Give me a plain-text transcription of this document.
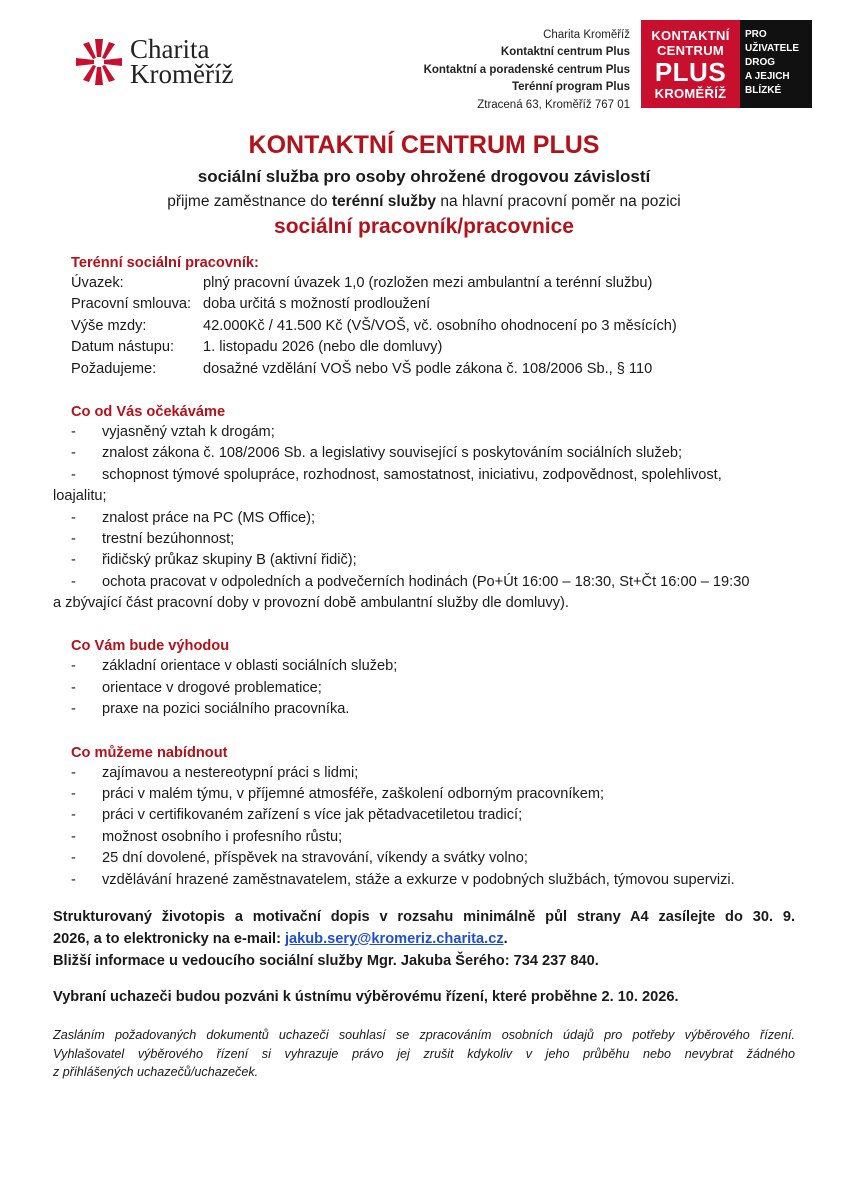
Charita
Kroměříž
Charita Kroměříž
Kontaktní centrum Plus
Kontaktní a poradenské centrum Plus
Terénní program Plus
Ztracená 63, Kroměříž 767 01
KONTAKTNÍ
CENTRUM
PLUS
KROMĚŘÍŽ
PRO
UŽIVATELE
DROG
A JEJICH
BLÍZKÉ
KONTAKTNÍ CENTRUM PLUS
sociální služba pro osoby ohrožené drogovou závislostí
přijme zaměstnance do terénní služby na hlavní pracovní poměr na pozici
sociální pracovník/pracovnice
Terénní sociální pracovník:
Úvazek:	plný pracovní úvazek 1,0 (rozložen mezi ambulantní a terénní službu)
Pracovní smlouva: doba určitá s možností prodloužení
Výše mzdy:	42.000Kč / 41.500 Kč (VŠ/VOŠ, vč. osobního ohodnocení po 3 měsících)
Datum nástupu:	1. listopadu 2026 (nebo dle domluvy)
Požadujeme:	dosažné vzdělání VOŠ nebo VŠ podle zákona č. 108/2006 Sb., § 110
Co od Vás očekáváme
- vyjasněný vztah k drogám;
- znalost zákona č. 108/2006 Sb. a legislativy související s poskytováním sociálních služeb;
- schopnost týmové spolupráce, rozhodnost, samostatnost, iniciativu, zodpovědnost, spolehlivost,
loajalitu;
- znalost práce na PC (MS Office);
- trestní bezúhonnost;
- řidičský průkaz skupiny B (aktivní řidič);
- ochota pracovat v odpoledních a podvečerních hodinách (Po+Út 16:00 – 18:30, St+Čt 16:00 – 19:30
a zbývající část pracovní doby v provozní době ambulantní služby dle domluvy).
Co Vám bude výhodou
- základní orientace v oblasti sociálních služeb;
- orientace v drogové problematice;
- praxe na pozici sociálního pracovníka.
Co můžeme nabídnout
- zajímavou a nestereotypní práci s lidmi;
- práci v malém týmu, v příjemné atmosféře, zaškolení odborným pracovníkem;
- práci v certifikovaném zařízení s více jak pětadvacetiletou tradicí;
- možnost osobního i profesního růstu;
- 25 dní dovolené, příspěvek na stravování, víkendy a svátky volno;
- vzdělávání hrazené zaměstnavatelem, stáže a exkurze v podobných službách, týmovou supervizi.
Strukturovaný životopis a motivační dopis v rozsahu minimálně půl strany A4 zasílejte do 30. 9.
2026, a to elektronicky na e-mail: jakub.sery@kromeriz.charita.cz.
Bližší informace u vedoucího sociální služby Mgr. Jakuba Šerého: 734 237 840.
Vybraní uchazeči budou pozváni k ústnímu výběrovému řízení, které proběhne 2. 10. 2026.
Zasláním požadovaných dokumentů uchazeči souhlasí se zpracováním osobních údajů pro potřeby výběrového řízení.
Vyhlašovatel výběrového řízení si vyhrazuje právo jej zrušit kdykoliv v jeho průběhu nebo nevybrat žádného
z přihlášených uchazečů/uchazeček.
